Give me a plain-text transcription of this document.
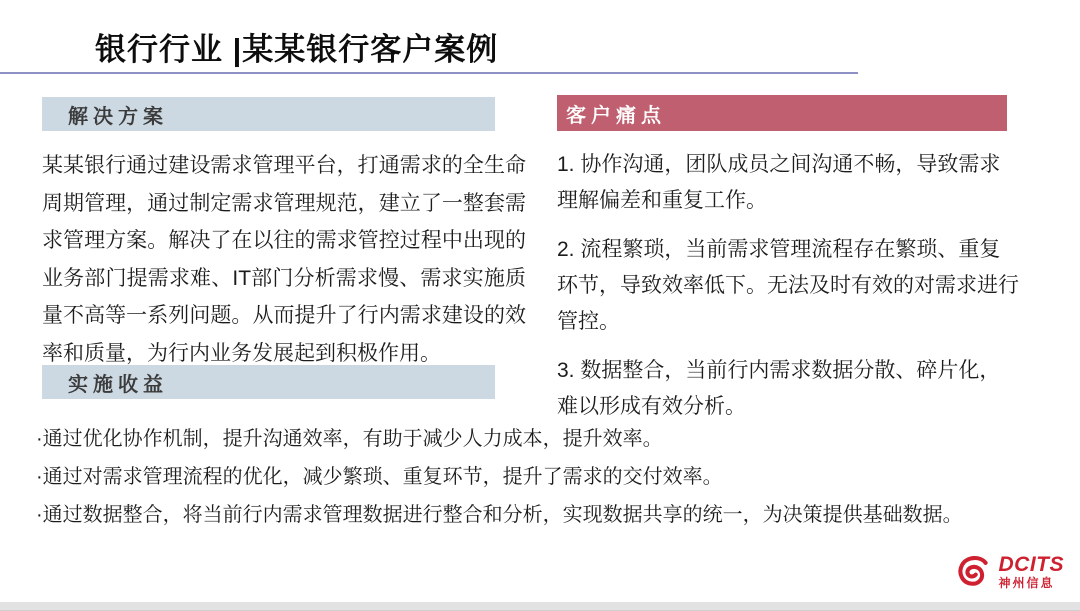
银行行业 |某某银行客户案例
解决方案

某某银行通过建设需求管理平台，打通需求的全生命周期管理，通过制定需求管理规范，建立了一整套需求管理方案。解决了在以往的需求管控过程中出现的业务部门提需求难、IT部门分析需求慢、需求实施质量不高等一系列问题。从而提升了行内需求建设的效率和质量，为行内业务发展起到积极作用。

客户痛点

1. 协作沟通，团队成员之间沟通不畅，导致需求理解偏差和重复工作。

2. 流程繁琐，当前需求管理流程存在繁琐、重复环节，导致效率低下。无法及时有效的对需求进行管控。

3. 数据整合，当前行内需求数据分散、碎片化，难以形成有效分析。

实施收益

·通过优化协作机制，提升沟通效率，有助于减少人力成本，提升效率。

·通过对需求管理流程的优化，减少繁琐、重复环节，提升了需求的交付效率。

·通过数据整合，将当前行内需求管理数据进行整合和分析，实现数据共享的统一，为决策提供基础数据。

DCITS
神州信息
